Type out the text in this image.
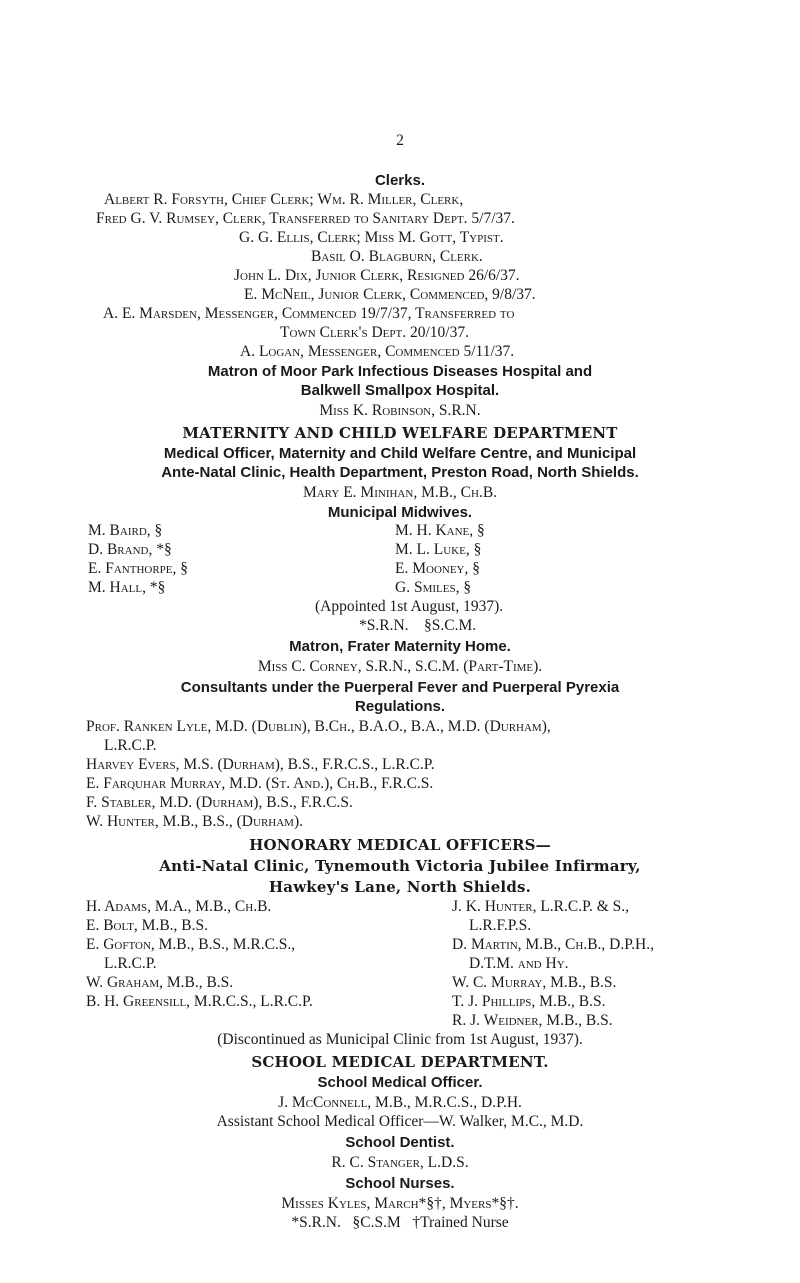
2
Clerks.
Albert R. Forsyth, Chief Clerk; Wm. R. Miller, Clerk,
Fred G. V. Rumsey, Clerk, Transferred to Sanitary Dept. 5/7/37.
G. G. Ellis, Clerk; Miss M. Gott, Typist.
Basil O. Blagburn, Clerk.
John L. Dix, Junior Clerk, Resigned 26/6/37.
E. McNeil, Junior Clerk, Commenced, 9/8/37.
A. E. Marsden, Messenger, Commenced 19/7/37, Transferred to
Town Clerk's Dept. 20/10/37.
A. Logan, Messenger, Commenced 5/11/37.
Matron of Moor Park Infectious Diseases Hospital and
Balkwell Smallpox Hospital.
Miss K. Robinson, S.R.N.
MATERNITY AND CHILD WELFARE DEPARTMENT
Medical Officer, Maternity and Child Welfare Centre, and Municipal
Ante-Natal Clinic, Health Department, Preston Road, North Shields.
Mary E. Minihan, M.B., Ch.B.
Municipal Midwives.
M. Baird, §
D. Brand, *§
E. Fanthorpe, §
M. Hall, *§
M. H. Kane, §
M. L. Luke, §
E. Mooney, §
G. Smiles, §
(Appointed 1st August, 1937).
*S.R.N.    §S.C.M.
Matron, Frater Maternity Home.
Miss C. Corney, S.R.N., S.C.M. (Part-Time).
Consultants under the Puerperal Fever and Puerperal Pyrexia
Regulations.
Prof. Ranken Lyle, M.D. (Dublin), B.Ch., B.A.O., B.A., M.D. (Durham),
L.R.C.P.
Harvey Evers, M.S. (Durham), B.S., F.R.C.S., L.R.C.P.
E. Farquhar Murray, M.D. (St. And.), Ch.B., F.R.C.S.
F. Stabler, M.D. (Durham), B.S., F.R.C.S.
W. Hunter, M.B., B.S., (Durham).
HONORARY MEDICAL OFFICERS—
Anti-Natal Clinic, Tynemouth Victoria Jubilee Infirmary,
Hawkey's Lane, North Shields.
H. Adams, M.A., M.B., Ch.B.
E. Bolt, M.B., B.S.
E. Gofton, M.B., B.S., M.R.C.S.,
L.R.C.P.
W. Graham, M.B., B.S.
B. H. Greensill, M.R.C.S., L.R.C.P.
J. K. Hunter, L.R.C.P. & S.,
L.R.F.P.S.
D. Martin, M.B., Ch.B., D.P.H.,
D.T.M. and Hy.
W. C. Murray, M.B., B.S.
T. J. Phillips, M.B., B.S.
R. J. Weidner, M.B., B.S.
(Discontinued as Municipal Clinic from 1st August, 1937).
SCHOOL MEDICAL DEPARTMENT.
School Medical Officer.
J. McConnell, M.B., M.R.C.S., D.P.H.
Assistant School Medical Officer—W. Walker, M.C., M.D.
School Dentist.
R. C. Stanger, L.D.S.
School Nurses.
Misses Kyles, March*§†, Myers*§†.
*S.R.N.   §C.S.M   †Trained Nurse
